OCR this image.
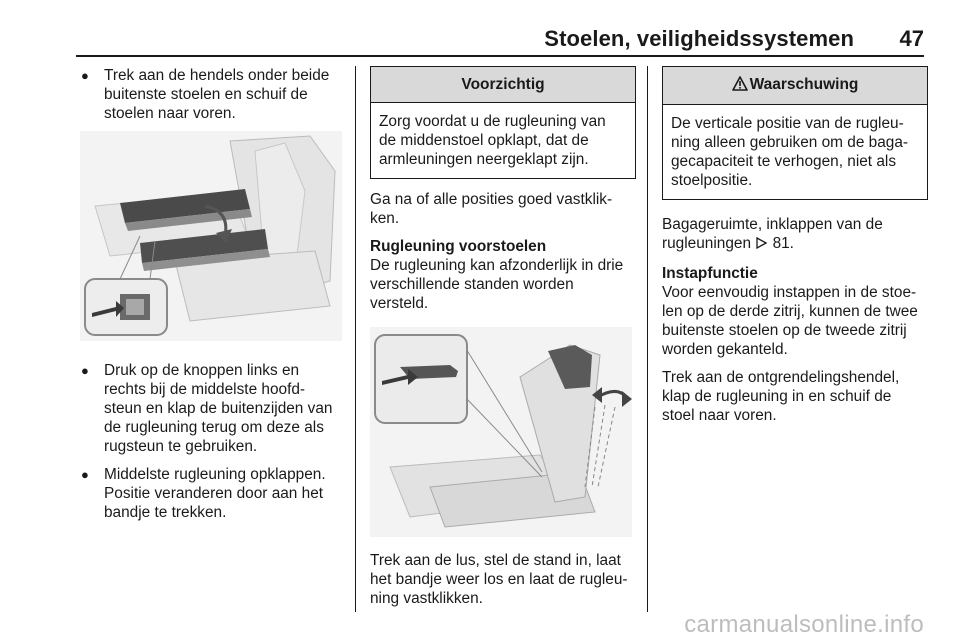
Stoelen, veiligheidssystemen 47
● Trek aan de hendels onder beide buitenste stoelen en schuif de stoelen naar voren.
● Druk op de knoppen links en rechts bij de middelste hoofd-steun en klap de buitenzijden van de rugleuning terug om deze als rugsteun te gebruiken.
● Middelste rugleuning opklappen. Positie veranderen door aan het bandje te trekken.
Voorzichtig
Zorg voordat u de rugleuning van de middenstoel opklapt, dat de armleuningen neergeklapt zijn.
Ga na of alle posities goed vastklik-ken.
Rugleuning voorstoelen
De rugleuning kan afzonderlijk in drie verschillende standen worden versteld.
Trek aan de lus, stel de stand in, laat het bandje weer los en laat de rugleu-ning vastklikken.
Waarschuwing
De verticale positie van de rugleu-ning alleen gebruiken om de baga-gecapaciteit te verhogen, niet als stoelpositie.
Bagageruimte, inklappen van de rugleuningen 81.
Instapfunctie
Voor eenvoudig instappen in de stoe-len op de derde zitrij, kunnen de twee buitenste stoelen op de tweede zitrij worden gekanteld.
Trek aan de ontgrendelingshendel, klap de rugleuning in en schuif de stoel naar voren.
carmanualsonline.info
